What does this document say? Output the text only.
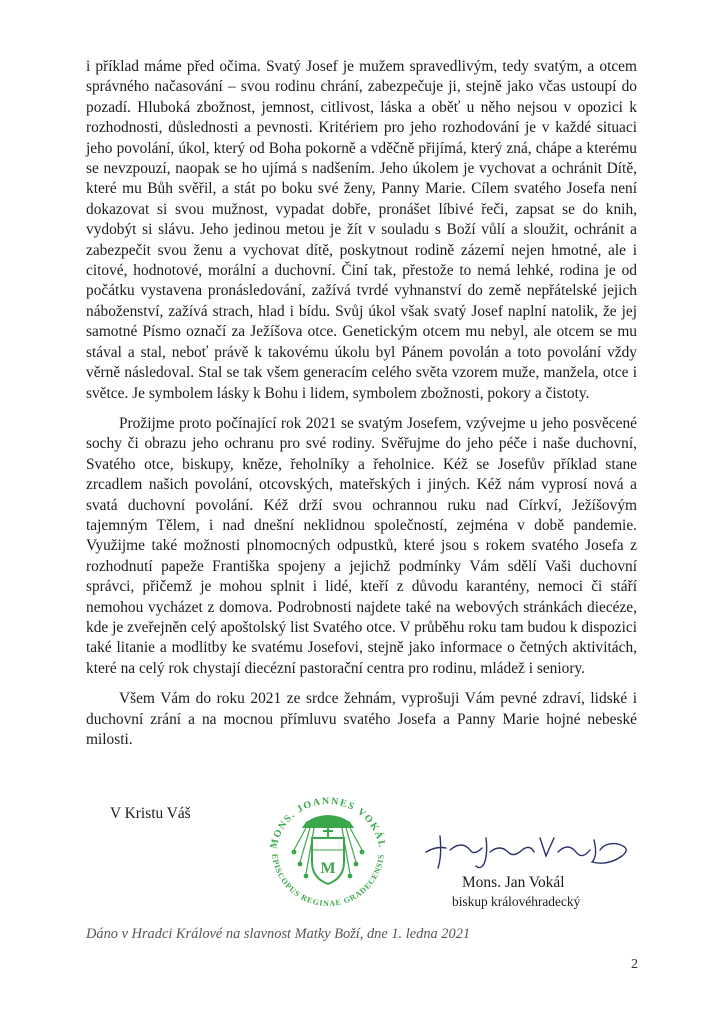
i příklad máme před očima. Svatý Josef je mužem spravedlivým, tedy svatým, a otcem správného načasování – svou rodinu chrání, zabezpečuje ji, stejně jako včas ustoupí do pozadí. Hluboká zbožnost, jemnost, citlivost, láska a oběť u něho nejsou v opozici k rozhodnosti, důslednosti a pevnosti. Kritériem pro jeho rozhodování je v každé situaci jeho povolání, úkol, který od Boha pokorně a vděčně přijímá, který zná, chápe a kterému se nevzpouzí, naopak se ho ujímá s nadšením. Jeho úkolem je vychovat a ochránit Dítě, které mu Bůh svěřil, a stát po boku své ženy, Panny Marie. Cílem svatého Josefa není dokazovat si svou mužnost, vypadat dobře, pronášet líbivé řeči, zapsat se do knih, vydobýt si slávu. Jeho jedinou metou je žít v souladu s Boží vůlí a sloužit, ochránit a zabezpečit svou ženu a vychovat dítě, poskytnout rodině zázemí nejen hmotné, ale i citové, hodnotové, morální a duchovní. Činí tak, přestože to nemá lehké, rodina je od počátku vystavena pronásledování, zažívá tvrdé vyhnanství do země nepřátelské jejich náboženství, zažívá strach, hlad i bídu. Svůj úkol však svatý Josef naplní natolik, že jej samotné Písmo označí za Ježíšova otce. Genetickým otcem mu nebyl, ale otcem se mu stával a stal, neboť právě k takovému úkolu byl Pánem povolán a toto povolání vždy věrně následoval. Stal se tak všem generacím celého světa vzorem muže, manžela, otce i světce. Je symbolem lásky k Bohu i lidem, symbolem zbožnosti, pokory a čistoty.

Prožijme proto počínající rok 2021 se svatým Josefem, vzývejme u jeho posvěcené sochy či obrazu jeho ochranu pro své rodiny. Svěřujme do jeho péče i naše duchovní, Svatého otce, biskupy, kněze, řeholníky a řeholnice. Kéž se Josefův příklad stane zrcadlem našich povolání, otcovských, mateřských i jiných. Kéž nám vyprosí nová a svatá duchovní povolání. Kéž drží svou ochrannou ruku nad Církví, Ježíšovým tajemným Tělem, i nad dnešní neklidnou společností, zejména v době pandemie. Využijme také možnosti plnomocných odpustků, které jsou s rokem svatého Josefa z rozhodnutí papeže Františka spojeny a jejichž podmínky Vám sdělí Vaši duchovní správci, přičemž je mohou splnit i lidé, kteří z důvodu karantény, nemoci či stáří nemohou vycházet z domova. Podrobnosti najdete také na webových stránkách diecéze, kde je zveřejněn celý apoštolský list Svatého otce. V průběhu roku tam budou k dispozici také litanie a modlitby ke svatému Josefovi, stejně jako informace o četných aktivitách, které na celý rok chystají diecézní pastorační centra pro rodinu, mládež i seniory.

Všem Vám do roku 2021 ze srdce žehnám, vyprošuji Vám pevné zdraví, lidské i duchovní zrání a na mocnou přímluvu svatého Josefa a Panny Marie hojné nebeské milosti.

V Kristu Váš
M
MONS. JOANNES VOKÁL
EPISCOPUS REGINAE GRADECENSIS
Mons. Jan Vokál
biskup královéhradecký
Dáno v Hradci Králové na slavnost Matky Boží, dne 1. ledna 2021
2
